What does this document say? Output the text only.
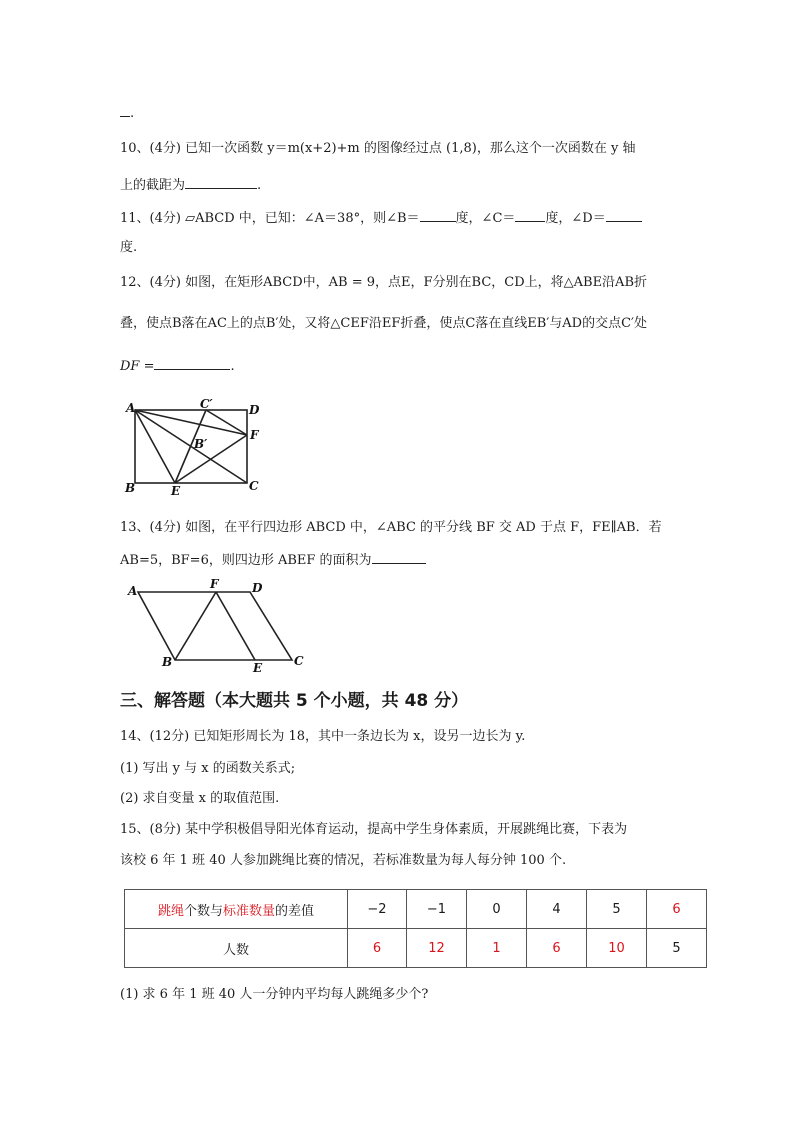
.
10、(4分) 已知一次函数 y＝m(x+2)+m 的图像经过点 (1,8)，那么这个一次函数在 y 轴
上的截距为	.
11、(4分) ▱ABCD 中，已知：∠A＝38°，则∠B＝	度，∠C＝ 度，∠D＝
度.
12、(4分) 如图，在矩形ABCD中，AB = 9，点E，F分别在BC，CD上，将△ABE沿AB折
叠，使点B落在AC上的点B′处，又将△CEF沿EF折叠，使点C落在直线EB′与AD的交点C′处
DF =	.
A	C′	D
B′
F
B	E	C
13、(4分) 如图，在平行四边形 ABCD 中，∠ABC 的平分线 BF 交 AD 于点 F，FE∥AB．若
AB=5，BF=6，则四边形 ABEF 的面积为
A	F	D
B	E	C
三、解答题（本大题共 5 个小题，共 48 分）
14、(12分) 已知矩形周长为 18，其中一条边长为 x，设另一边长为 y.
(1) 写出 y 与 x 的函数关系式;
(2) 求自变量 x 的取值范围.
15、(8分) 某中学积极倡导阳光体育运动，提高中学生身体素质，开展跳绳比赛，下表为
该校 6 年 1 班 40 人参加跳绳比赛的情况，若标准数量为每人每分钟 100 个.
跳绳个数与标准数量的差值	−2	−1	0	4	5	6
人数	6	12	1	6	10	5
(1) 求 6 年 1 班 40 人一分钟内平均每人跳绳多少个?
